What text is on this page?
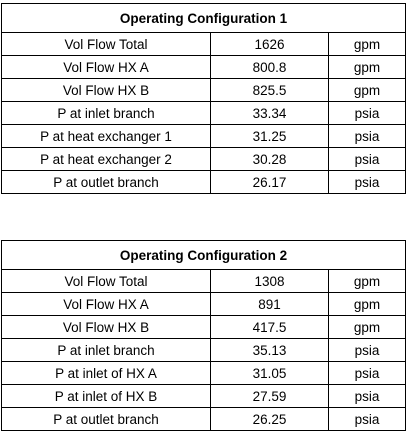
Operating Configuration 1		
Vol Flow Total	1626	gpm
Vol Flow HX A	800.8	gpm
Vol Flow HX B	825.5	gpm
P at inlet branch	33.34	psia
P at heat exchanger 1	31.25	psia
P at heat exchanger 2	30.28	psia
P at outlet branch	26.17	psia
Operating Configuration 2		
Vol Flow Total	1308	gpm
Vol Flow HX A	891	gpm
Vol Flow HX B	417.5	gpm
P at inlet branch	35.13	psia
P at inlet of HX A	31.05	psia
P at inlet of HX B	27.59	psia
P at outlet branch	26.25	psia
